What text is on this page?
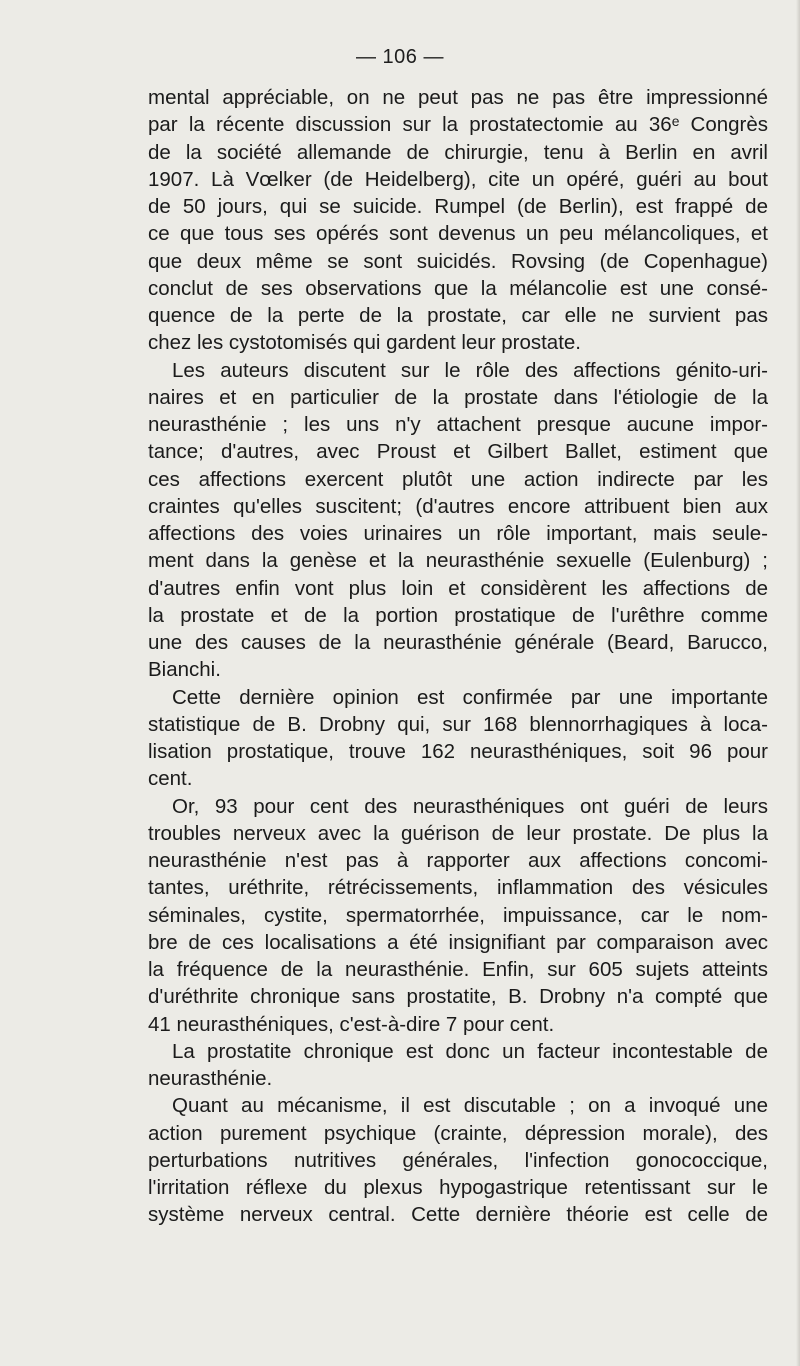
— 106 —
mental appréciable, on ne peut pas ne pas être impressionné
par la récente discussion sur la prostatectomie au 36ᵉ Congrès
de la société allemande de chirurgie, tenu à Berlin en avril
1907. Là Vœlker (de Heidelberg), cite un opéré, guéri au bout
de 50 jours, qui se suicide. Rumpel (de Berlin), est frappé de
ce que tous ses opérés sont devenus un peu mélancoliques, et
que deux même se sont suicidés. Rovsing (de Copenhague)
conclut de ses observations que la mélancolie est une consé-
quence de la perte de la prostate, car elle ne survient pas
chez les cystotomisés qui gardent leur prostate.
Les auteurs discutent sur le rôle des affections génito-uri-
naires et en particulier de la prostate dans l'étiologie de la
neurasthénie ; les uns n'y attachent presque aucune impor-
tance; d'autres, avec Proust et Gilbert Ballet, estiment que
ces affections exercent plutôt une action indirecte par les
craintes qu'elles suscitent; (d'autres encore attribuent bien aux
affections des voies urinaires un rôle important, mais seule-
ment dans la genèse et la neurasthénie sexuelle (Eulenburg) ;
d'autres enfin vont plus loin et considèrent les affections de
la prostate et de la portion prostatique de l'urêthre comme
une des causes de la neurasthénie générale (Beard, Barucco,
Bianchi.
Cette dernière opinion est confirmée par une importante
statistique de B. Drobny qui, sur 168 blennorrhagiques à loca-
lisation prostatique, trouve 162 neurasthéniques, soit 96 pour
cent.
Or, 93 pour cent des neurasthéniques ont guéri de leurs
troubles nerveux avec la guérison de leur prostate. De plus la
neurasthénie n'est pas à rapporter aux affections concomi-
tantes, uréthrite, rétrécissements, inflammation des vésicules
séminales, cystite, spermatorrhée, impuissance, car le nom-
bre de ces localisations a été insignifiant par comparaison avec
la fréquence de la neurasthénie. Enfin, sur 605 sujets atteints
d'uréthrite chronique sans prostatite, B. Drobny n'a compté que
41 neurasthéniques, c'est-à-dire 7 pour cent.
La prostatite chronique est donc un facteur incontestable de
neurasthénie.
Quant au mécanisme, il est discutable ; on a invoqué une
action purement psychique (crainte, dépression morale), des
perturbations nutritives générales, l'infection gonococcique,
l'irritation réflexe du plexus hypogastrique retentissant sur le
système nerveux central. Cette dernière théorie est celle de
